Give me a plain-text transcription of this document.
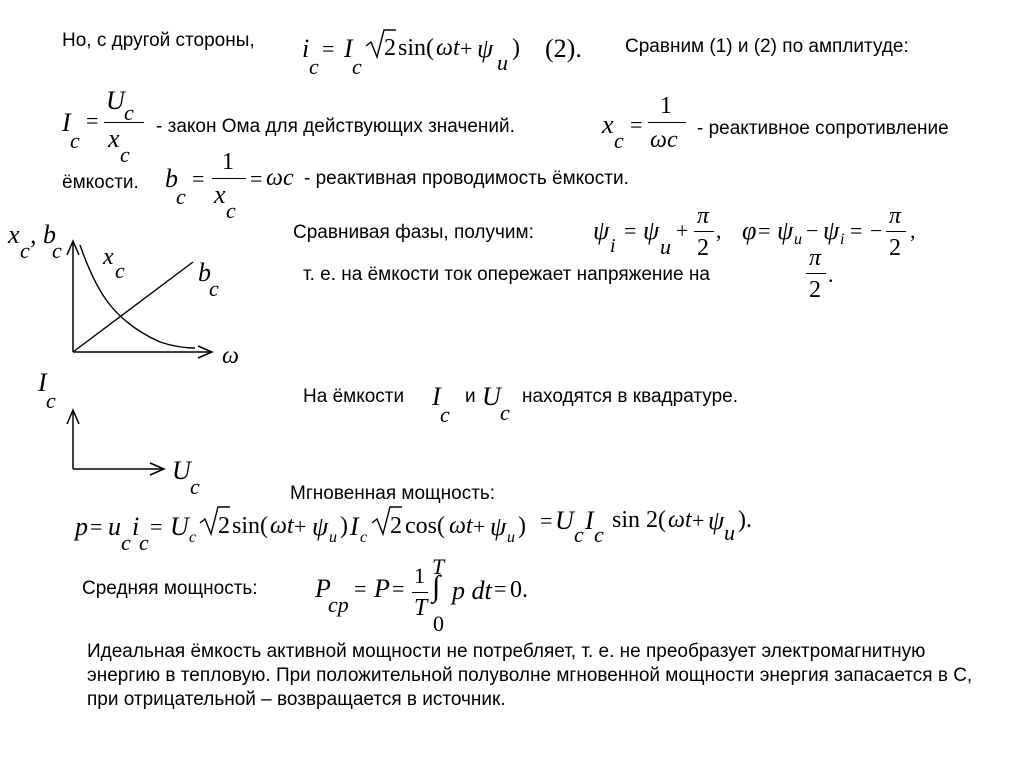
Но, с другой стороны, i
c
= I
c
2 sin( ωt + ψ u
) (2). Сравним (1) и (2) по амплитуде:
I
c
=
U c
x
c
- закон Ома для действующих значений.	x
c
=
1
ωc - реактивное сопротивление
ёмкости. b
c
=
1
x
c
= ωc - реактивная проводимость ёмкости.
x
c
, b
c x
c	b
c
ω
Сравнивая фазы, получим: ψ
i
= ψ
u
+
π
2
, φ = ψ u − ψ i = −
π
2
,
т. е. на ёмкости ток опережает напряжение на
π
2
.
I
c
U
c
На ёмкости I
c
и U
c
находятся в квадратуре.
Мгновенная мощность:
p = u
c
i
c
= U c 2 sin( ωt + ψ u ) I c 2 cos( ωt + ψ u ) = U c I c
sin 2( ωt + ψ u ).
Средняя мощность: P
ср
= P =
1
T
T
∫
0
p dt = 0.
Идеальная ёмкость активной мощности не потребляет, т. е. не преобразует электромагнитную энергию в тепловую. При положительной полуволне мгновенной мощности энергия запасается в С, при отрицательной – возвращается в источник.
